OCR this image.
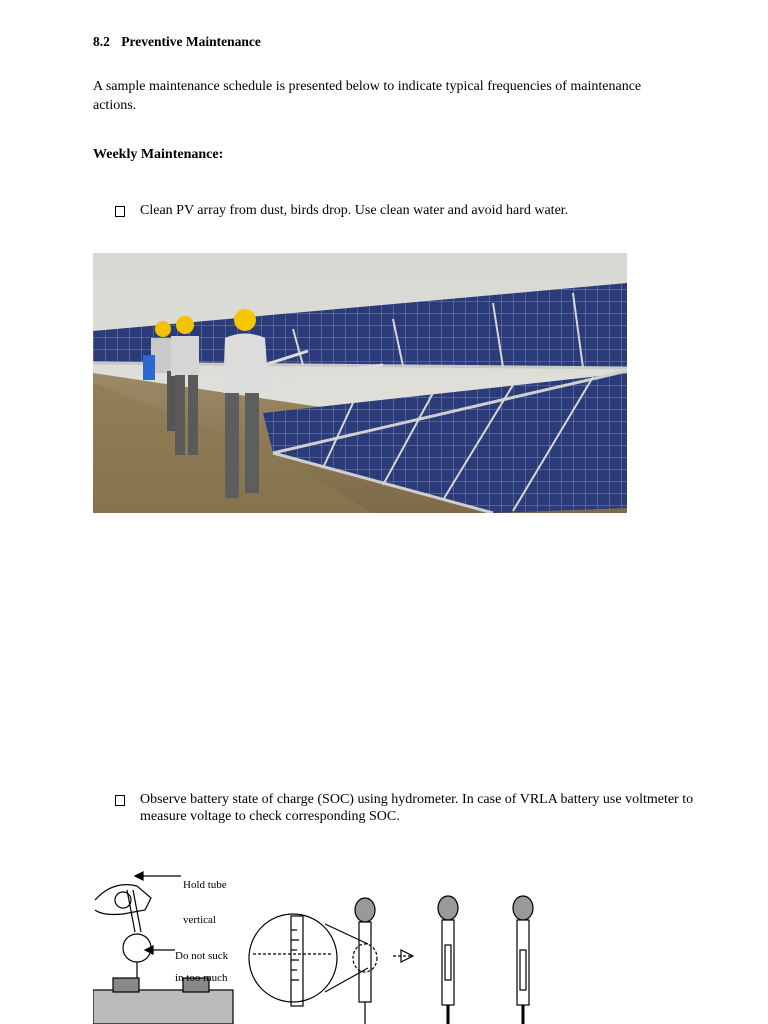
8.2 Preventive Maintenance
A sample maintenance schedule is presented below to indicate typical frequencies of maintenance actions.
Weekly Maintenance:
Clean PV array from dust, birds drop. Use clean water and avoid hard water.
Observe battery state of charge (SOC) using hydrometer. In case of VRLA battery use voltmeter to measure voltage to check corresponding SOC.
Hold tube
vertical
Do not suck
in too much
